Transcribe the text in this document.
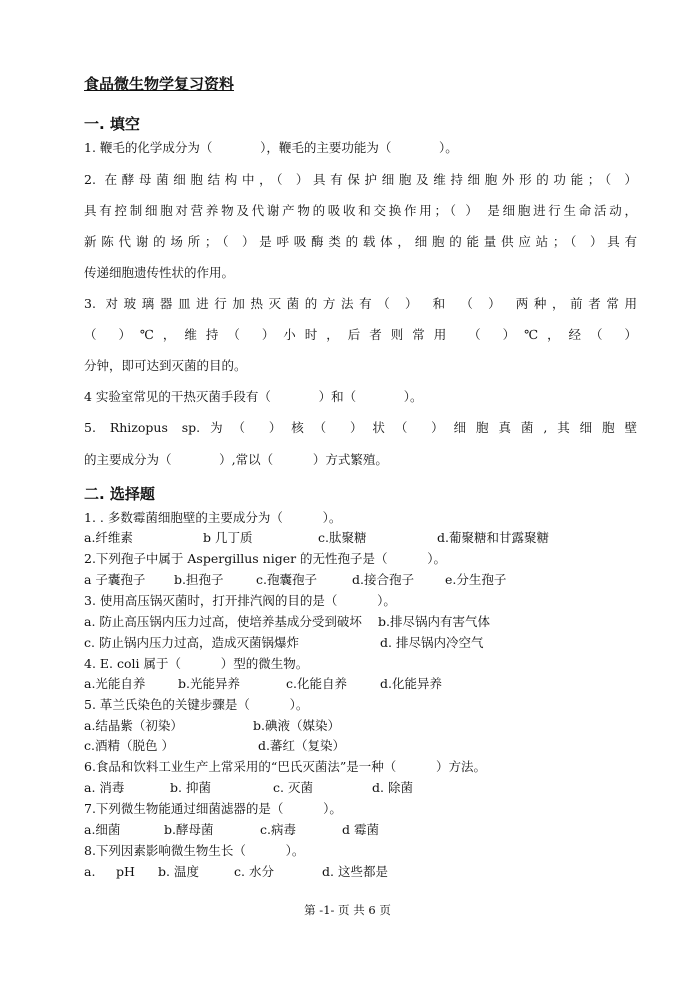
食品微生物学复习资料
一. 填空
1. 鞭毛的化学成分为（            ），鞭毛的主要功能为（            ）。
2. 在酵母菌细胞结构中，（ ）具有保护细胞及维持细胞外形的功能；（ ）
具有控制细胞对营养物及代谢产物的吸收和交换作用；（ ） 是细胞进行生命活动，
新陈代谢的场所；（ ）是呼吸酶类的载体，细胞的能量供应站；（ ）具有
传递细胞遗传性状的作用。
3. 对玻璃器皿进行加热灭菌的方法有（ ） 和 （ ） 两种，前者常用
（ ）℃，维持（ ）小时，后者则常用 （ ）℃，经（ ）
分钟，即可达到灭菌的目的。
4 实验室常见的干热灭菌手段有（            ）和（            ）。
5. Rhizopus sp.为（ ）核（ ）状（ ）细胞真菌,其细胞壁
的主要成分为（            ）,常以（          ）方式繁殖。
二. 选择题
1. . 多数霉菌细胞壁的主要成分为（          ）。
a.纤维素	b 几丁质	c.肽聚糖	d.葡聚糖和甘露聚糖
2.下列孢子中属于 Aspergillus niger 的无性孢子是（          ）。
a 子囊孢子 b.担孢子	c.孢囊孢子	d.接合孢子 e.分生孢子
3. 使用高压锅灭菌时，打开排汽阀的目的是（          ）。
a. 防止高压锅内压力过高，使培养基成分受到破坏 b.排尽锅内有害气体
c. 防止锅内压力过高，造成灭菌锅爆炸	d. 排尽锅内冷空气
4. E. coli 属于（          ）型的微生物。
a.光能自养	b.光能异养	c.化能自养	d.化能异养
5. 革兰氏染色的关键步骤是（          ）。
a.结晶紫（初染）	b.碘液（媒染）
c.酒精（脱色 ）	d.蕃红（复染）
6.食品和饮料工业生产上常采用的“巴氏灭菌法”是一种（          ）方法。
a. 消毒	b. 抑菌	c. 灭菌	d. 除菌
7.下列微生物能通过细菌滤器的是（          ）。
a.细菌	b.酵母菌	c.病毒	d 霉菌
8.下列因素影响微生物生长（          ）。
a. pH b. 温度	c. 水分	d. 这些都是
第 -1- 页 共 6 页
